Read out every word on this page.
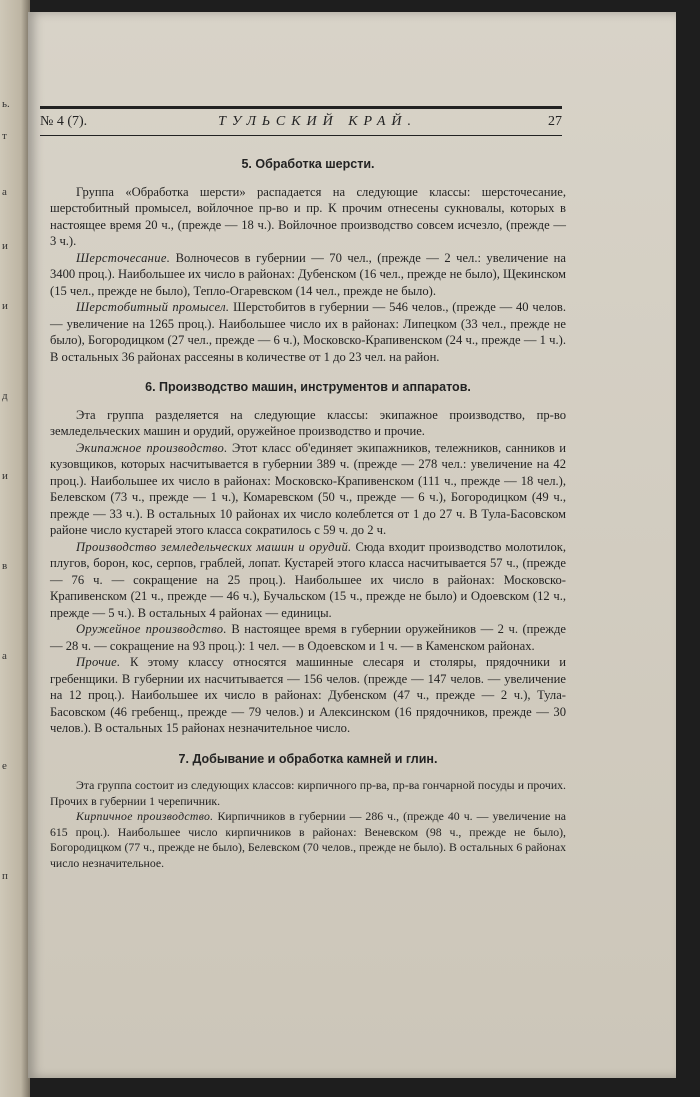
ь.
т
a
и
и
д
и
в
а
е
п
№ 4 (7).	ТУЛЬСКИЙ КРАЙ.	27
5. Обработка шерсти.

Группа «Обработка шерсти» распадается на следующие классы: шерсточесание, шерстобитный промысел, войлочное пр-во и пр. К прочим отнесены сукновалы, которых в настоящее время 20 ч., (прежде — 18 ч.). Войлочное производство совсем исчезло, (прежде — 3 ч.).

Шерсточесание. Волночесов в губернии — 70 чел., (прежде — 2 чел.: увеличение на 3400 проц.). Наибольшее их число в районах: Дубенском (16 чел., прежде не было), Щекинском (15 чел., прежде не было), Тепло-Огаревском (14 чел., прежде не было).

Шерстобитный промысел. Шерстобитов в губернии — 546 челов., (прежде — 40 челов. — увеличение на 1265 проц.). Наибольшее число их в районах: Липецком (33 чел., прежде не было), Богородицком (27 чел., прежде — 6 ч.), Московско-Крапивенском (24 ч., прежде — 1 ч.). В остальных 36 районах рассеяны в количестве от 1 до 23 чел. на район.

6. Производство машин, инструментов и аппаратов.

Эта группа разделяется на следующие классы: экипажное производство, пр-во земледельческих машин и орудий, оружейное производство и прочие.

Экипажное производство. Этот класс об'единяет экипажников, тележников, санников и кузовщиков, которых насчитывается в губернии 389 ч. (прежде — 278 чел.: увеличение на 42 проц.). Наибольшее их число в районах: Московско-Крапивенском (111 ч., прежде — 18 чел.), Белевском (73 ч., прежде — 1 ч.), Комаревском (50 ч., прежде — 6 ч.), Богородицком (49 ч., прежде — 33 ч.). В остальных 10 районах их число колеблется от 1 до 27 ч. В Тула-Басовском районе число кустарей этого класса сократилось с 59 ч. до 2 ч.

Производство земледельческих машин и орудий. Сюда входит производство молотилок, плугов, борон, кос, серпов, граблей, лопат. Кустарей этого класса насчитывается 57 ч., (прежде — 76 ч. — сокращение на 25 проц.). Наибольшее их число в районах: Московско-Крапивенском (21 ч., прежде — 46 ч.), Бучальском (15 ч., прежде не было) и Одоевском (12 ч., прежде — 5 ч.). В остальных 4 районах — единицы.

Оружейное производство. В настоящее время в губернии оружейников — 2 ч. (прежде — 28 ч. — сокращение на 93 проц.): 1 чел. — в Одоевском и 1 ч. — в Каменском районах.

Прочие. К этому классу относятся машинные слесаря и столяры, прядочники и гребенщики. В губернии их насчитывается — 156 челов. (прежде — 147 челов. — увеличение на 12 проц.). Наибольшее их число в районах: Дубенском (47 ч., прежде — 2 ч.), Тула-Басовском (46 гребенщ., прежде — 79 челов.) и Алексинском (16 прядочников, прежде — 30 челов.). В остальных 15 районах незначительное число.

7. Добывание и обработка камней и глин.

Эта группа состоит из следующих классов: кирпичного пр-ва, пр-ва гончарной посуды и прочих. Прочих в губернии 1 черепичник.

Кирпичное производство. Кирпичников в губернии — 286 ч., (прежде 40 ч. — увеличение на 615 проц.). Наибольшее число кирпичников в районах: Веневском (98 ч., прежде не было), Богородицком (77 ч., прежде не было), Белевском (70 челов., прежде не было). В остальных 6 районах число незначительное.
